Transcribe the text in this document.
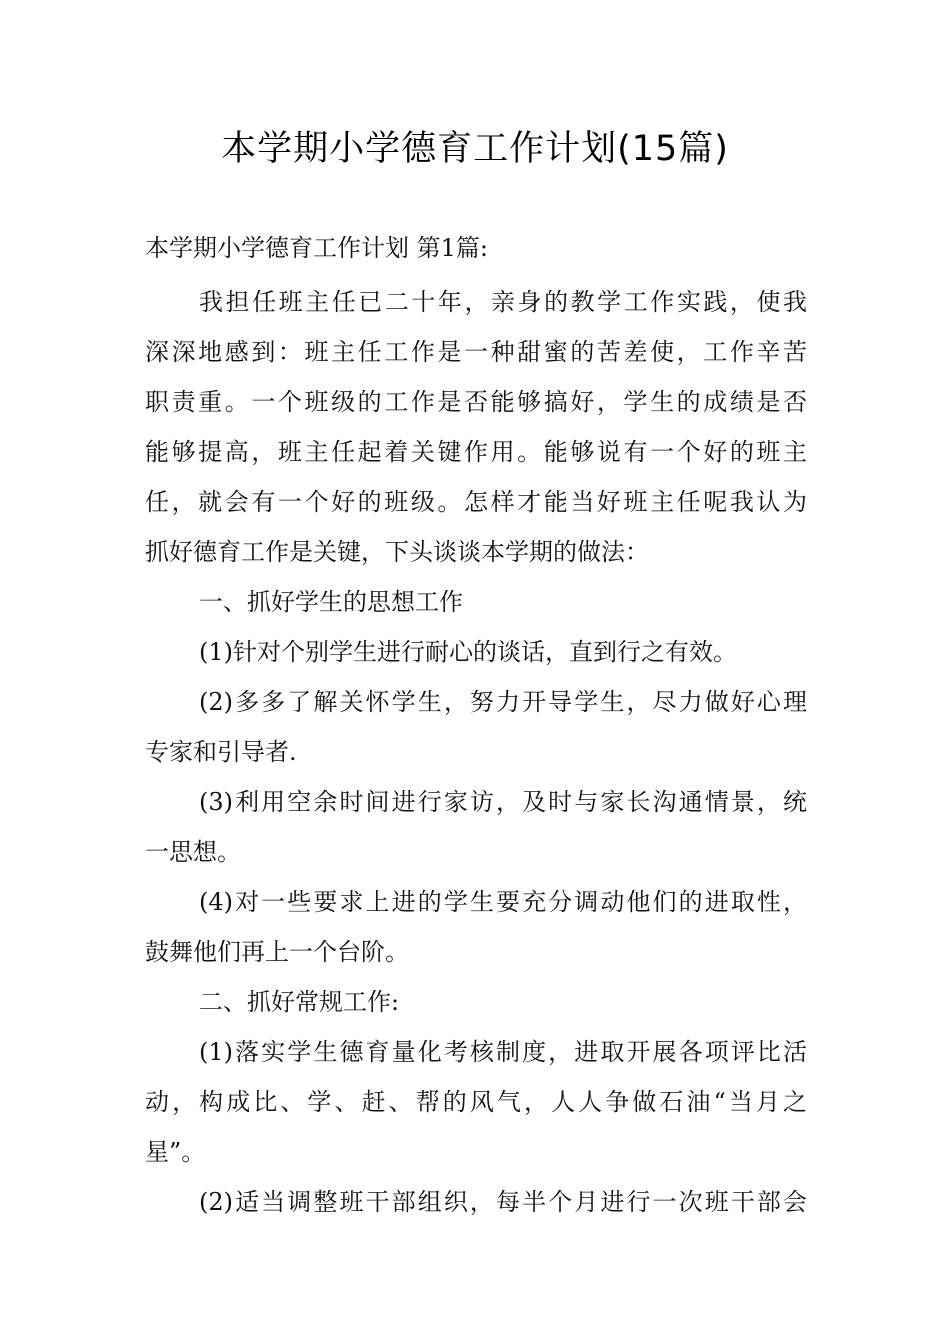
本学期小学德育工作计划(15篇)
本学期小学德育工作计划 第1篇:
我担任班主任已二十年，亲身的教学工作实践，使我
深深地感到：班主任工作是一种甜蜜的苦差使，工作辛苦
职责重。一个班级的工作是否能够搞好，学生的成绩是否
能够提高，班主任起着关键作用。能够说有一个好的班主
任，就会有一个好的班级。怎样才能当好班主任呢我认为
抓好德育工作是关键，下头谈谈本学期的做法：
一、抓好学生的思想工作
(1)针对个别学生进行耐心的谈话，直到行之有效。
(2)多多了解关怀学生，努力开导学生，尽力做好心理
专家和引导者.
(3)利用空余时间进行家访，及时与家长沟通情景，统
一思想。
(4)对一些要求上进的学生要充分调动他们的进取性，
鼓舞他们再上一个台阶。
二、抓好常规工作:
(1)落实学生德育量化考核制度，进取开展各项评比活
动，构成比、学、赶、帮的风气，人人争做石油“当月之
星”。
(2)适当调整班干部组织，每半个月进行一次班干部会
